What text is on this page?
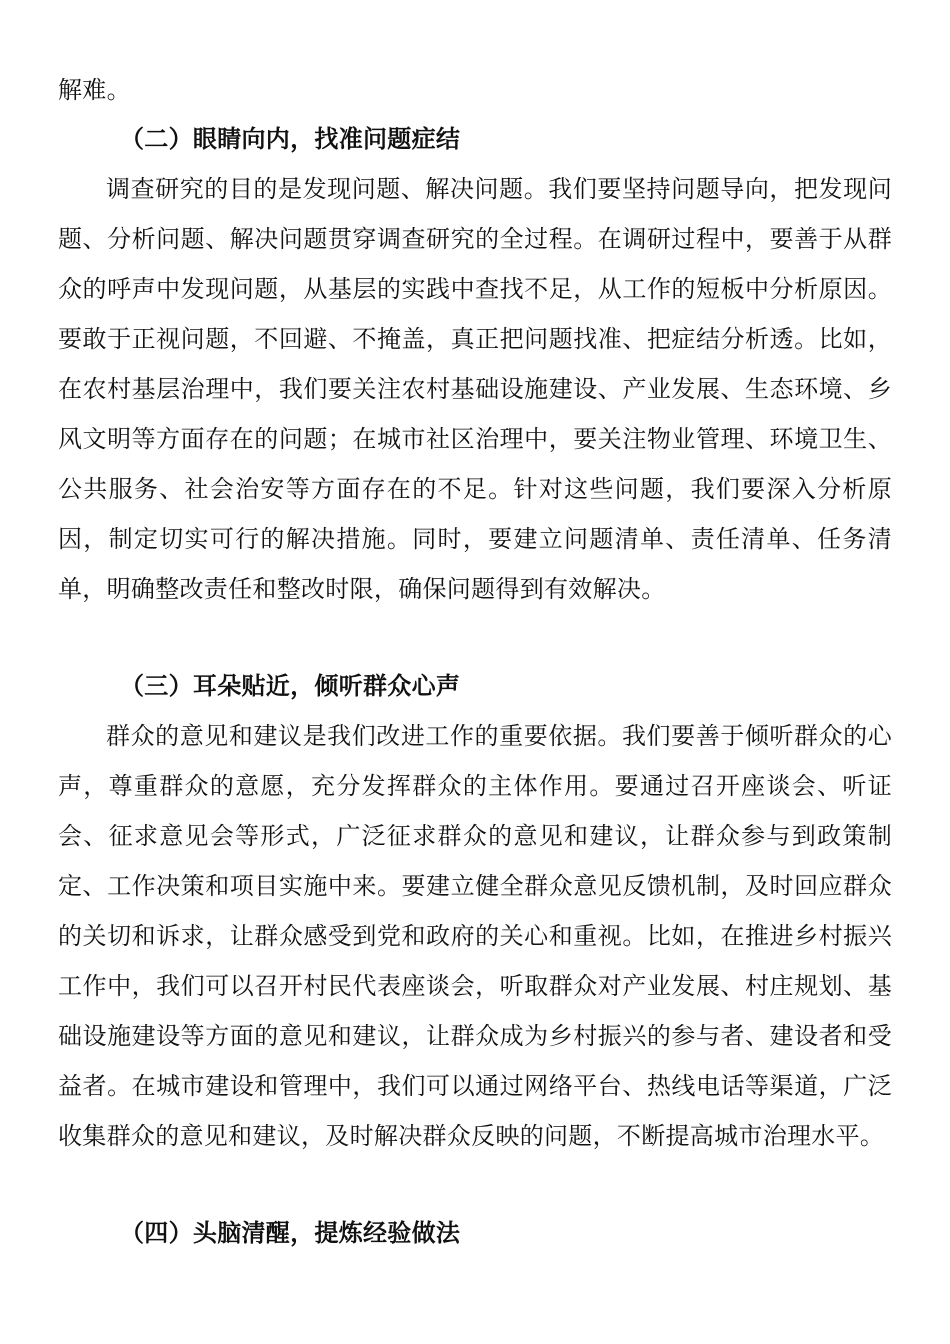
解难。

（二）眼睛向内，找准问题症结

调查研究的目的是发现问题、解决问题。我们要坚持问题导向，把发现问题、分析问题、解决问题贯穿调查研究的全过程。在调研过程中，要善于从群众的呼声中发现问题，从基层的实践中查找不足，从工作的短板中分析原因。要敢于正视问题，不回避、不掩盖，真正把问题找准、把症结分析透。比如，在农村基层治理中，我们要关注农村基础设施建设、产业发展、生态环境、乡风文明等方面存在的问题；在城市社区治理中，要关注物业管理、环境卫生、公共服务、社会治安等方面存在的不足。针对这些问题，我们要深入分析原因，制定切实可行的解决措施。同时，要建立问题清单、责任清单、任务清单，明确整改责任和整改时限，确保问题得到有效解决。

（三）耳朵贴近，倾听群众心声

群众的意见和建议是我们改进工作的重要依据。我们要善于倾听群众的心声，尊重群众的意愿，充分发挥群众的主体作用。要通过召开座谈会、听证会、征求意见会等形式，广泛征求群众的意见和建议，让群众参与到政策制定、工作决策和项目实施中来。要建立健全群众意见反馈机制，及时回应群众的关切和诉求，让群众感受到党和政府的关心和重视。比如，在推进乡村振兴工作中，我们可以召开村民代表座谈会，听取群众对产业发展、村庄规划、基础设施建设等方面的意见和建议，让群众成为乡村振兴的参与者、建设者和受益者。在城市建设和管理中，我们可以通过网络平台、热线电话等渠道，广泛收集群众的意见和建议，及时解决群众反映的问题，不断提高城市治理水平。

（四）头脑清醒，提炼经验做法
